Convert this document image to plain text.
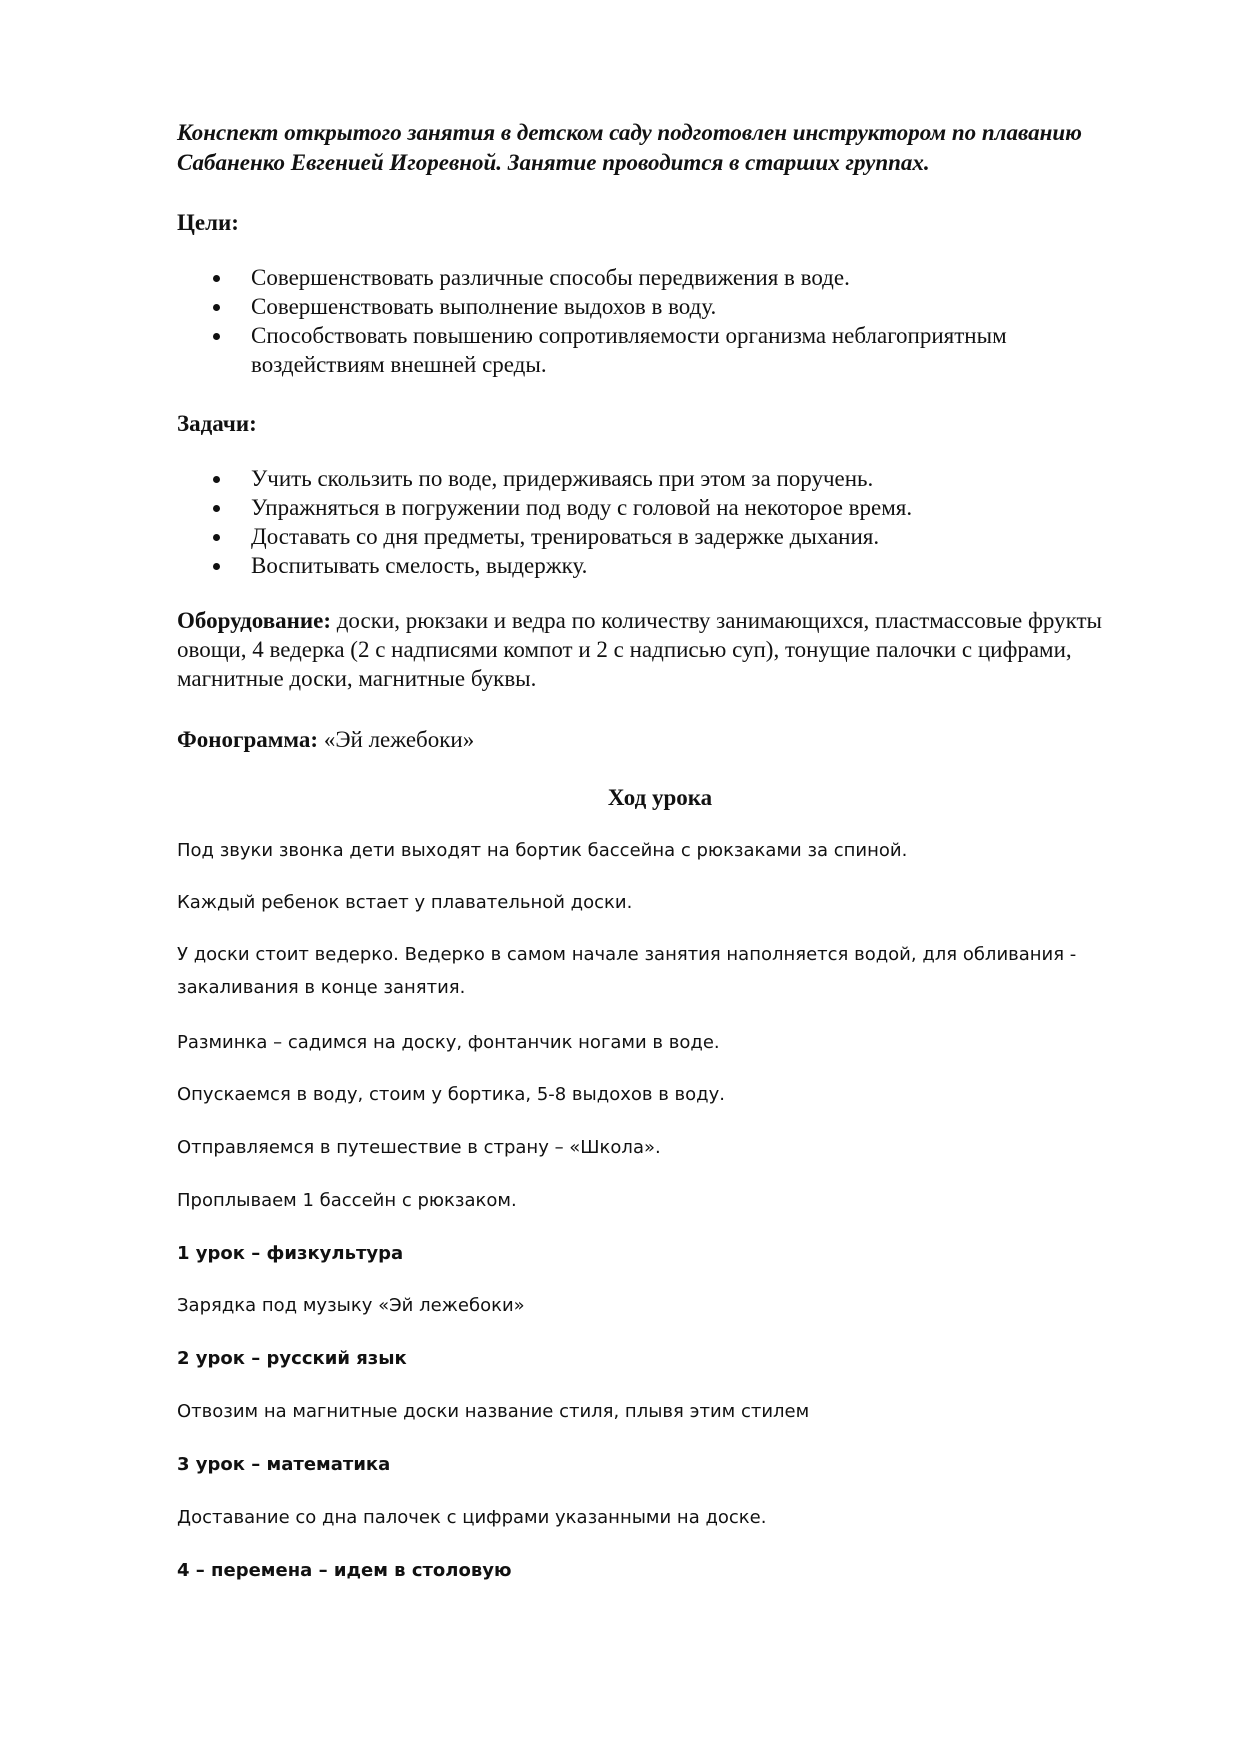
Конспект открытого занятия в детском саду подготовлен инструктором по плаванию Сабаненко Евгенией Игоревной. Занятие проводится в старших группах.

Цели:
Совершенствовать различные способы передвижения в воде.
Совершенствовать выполнение выдохов в воду.
Способствовать повышению сопротивляемости организма неблагоприятным воздействиям внешней среды.
Задачи:
Учить скользить по воде, придерживаясь при этом за поручень.
Упражняться в погружении под воду с головой на некоторое время.
Доставать со дня предметы, тренироваться в задержке дыхания.
Воспитывать смелость, выдержку.

Оборудование: доски, рюкзаки и ведра по количеству занимающихся, пластмассовые фрукты овощи, 4 ведерка (2 с надписями компот и 2 с надписью суп), тонущие палочки с цифрами, магнитные доски, магнитные буквы.

Фонограмма: «Эй лежебоки»

Ход урока
Под звуки звонка дети выходят на бортик бассейна с рюкзаками за спиной.
Каждый ребенок встает у плавательной доски.
У доски стоит ведерко. Ведерко в самом начале занятия наполняется водой, для обливания -
закаливания в конце занятия.
Разминка – садимся на доску, фонтанчик ногами в воде.
Опускаемся в воду, стоим у бортика, 5-8 выдохов в воду.
Отправляемся в путешествие в страну – «Школа».
Проплываем 1 бассейн с рюкзаком.
1 урок – физкультура
Зарядка под музыку «Эй лежебоки»
2 урок – русский язык
Отвозим на магнитные доски название стиля, плывя этим стилем
3 урок – математика
Доставание со дна палочек с цифрами указанными на доске.
4 – перемена – идем в столовую
